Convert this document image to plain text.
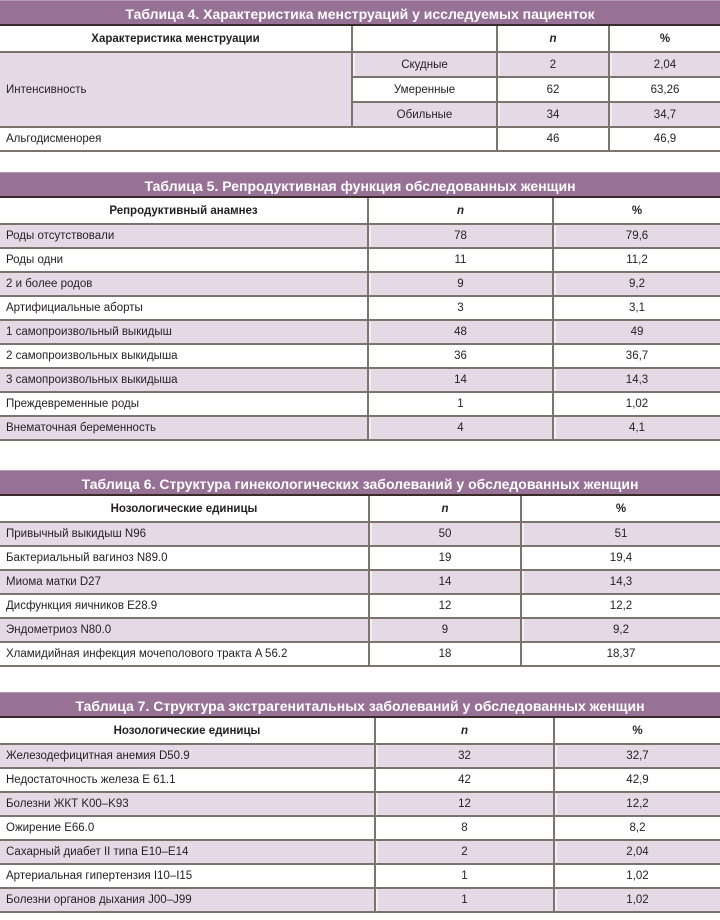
Таблица 4. Характеристика менструаций у исследуемых пациенток
Характеристика менструации		n	%
Интенсивность	Скудные	2	2,04
	Умеренные	62	63,26
	Обильные	34	34,7
Альгодисменорея		46	46,9
Таблица 5. Репродуктивная функция обследованных женщин
Репродуктивный анамнез	n	%
Роды отсутствовали	78	79,6
Роды одни	11	11,2
2 и более родов	9	9,2
Артифициальные аборты	3	3,1
1 самопроизвольный выкидыш	48	49
2 самопроизвольных выкидыша	36	36,7
3 самопроизвольных выкидыша	14	14,3
Преждевременные роды	1	1,02
Внематочная беременность	4	4,1
Таблица 6. Структура гинекологических заболеваний у обследованных женщин
Нозологические единицы	n	%
Привычный выкидыш N96	50	51
Бактериальный вагиноз N89.0	19	19,4
Миома матки D27	14	14,3
Дисфункция яичников E28.9	12	12,2
Эндометриоз N80.0	9	9,2
Хламидийная инфекция мочеполового тракта A 56.2	18	18,37
Таблица 7. Структура экстрагенитальных заболеваний у обследованных женщин
Нозологические единицы	n	%
Железодефицитная анемия D50.9	32	32,7
Недостаточность железа E 61.1	42	42,9
Болезни ЖКТ K00–K93	12	12,2
Ожирение E66.0	8	8,2
Сахарный диабет II типа E10–E14	2	2,04
Артериальная гипертензия I10–I15	1	1,02
Болезни органов дыхания J00–J99	1	1,02
